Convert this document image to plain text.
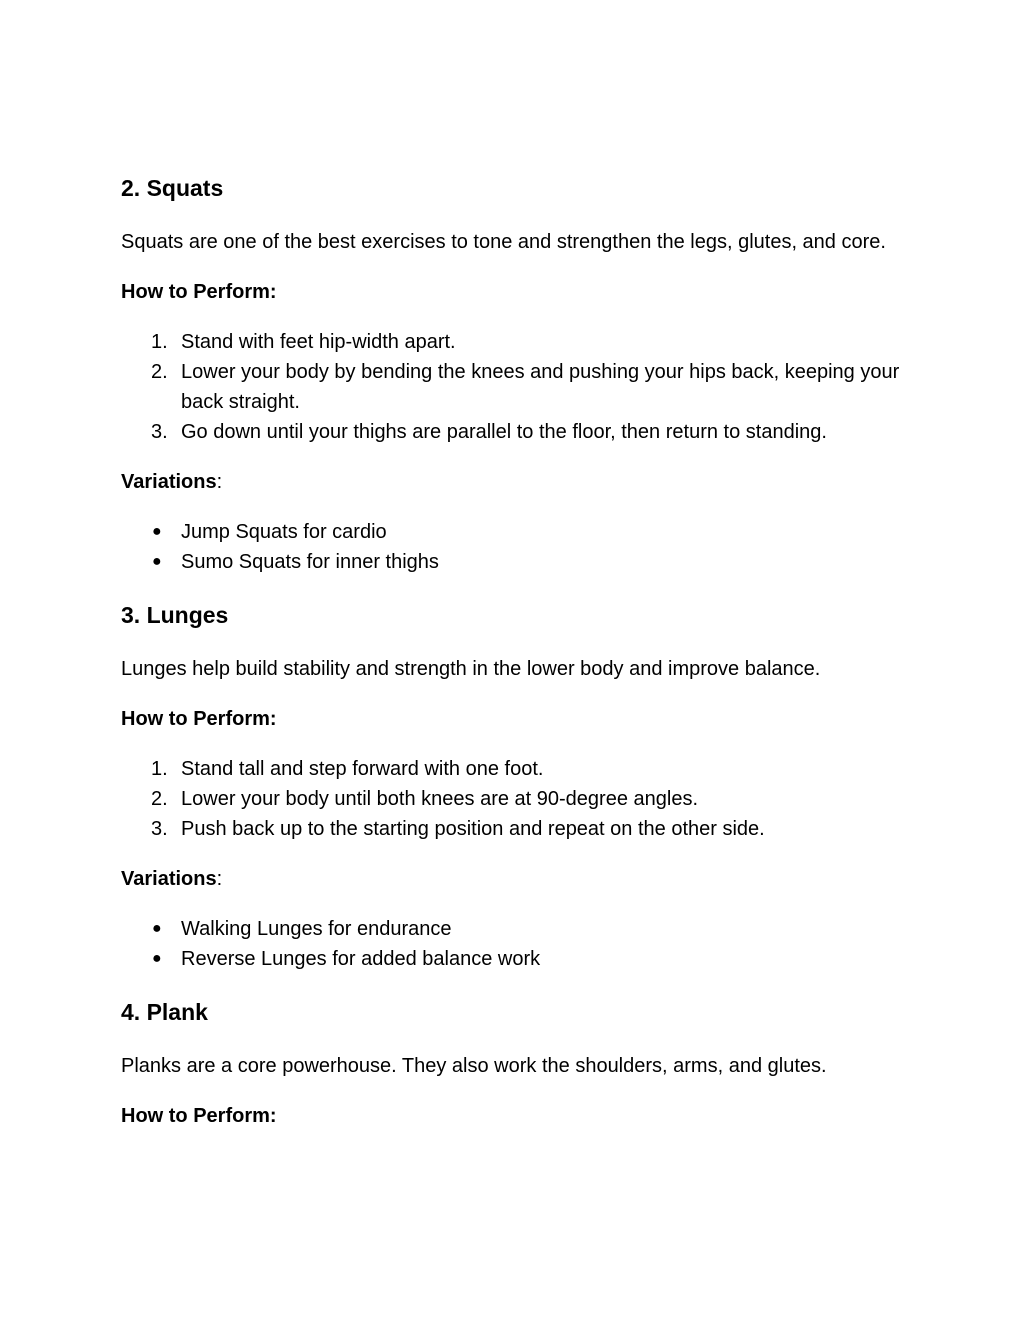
2. Squats

Squats are one of the best exercises to tone and strengthen the legs, glutes, and core.

How to Perform:

1. Stand with feet hip-width apart.
2. Lower your body by bending the knees and pushing your hips back, keeping your back straight.
3. Go down until your thighs are parallel to the floor, then return to standing.

Variations:

● Jump Squats for cardio
● Sumo Squats for inner thighs
3. Lunges

Lunges help build stability and strength in the lower body and improve balance.

How to Perform:

1. Stand tall and step forward with one foot.
2. Lower your body until both knees are at 90-degree angles.
3. Push back up to the starting position and repeat on the other side.

Variations:

● Walking Lunges for endurance
● Reverse Lunges for added balance work
4. Plank

Planks are a core powerhouse. They also work the shoulders, arms, and glutes.

How to Perform:
